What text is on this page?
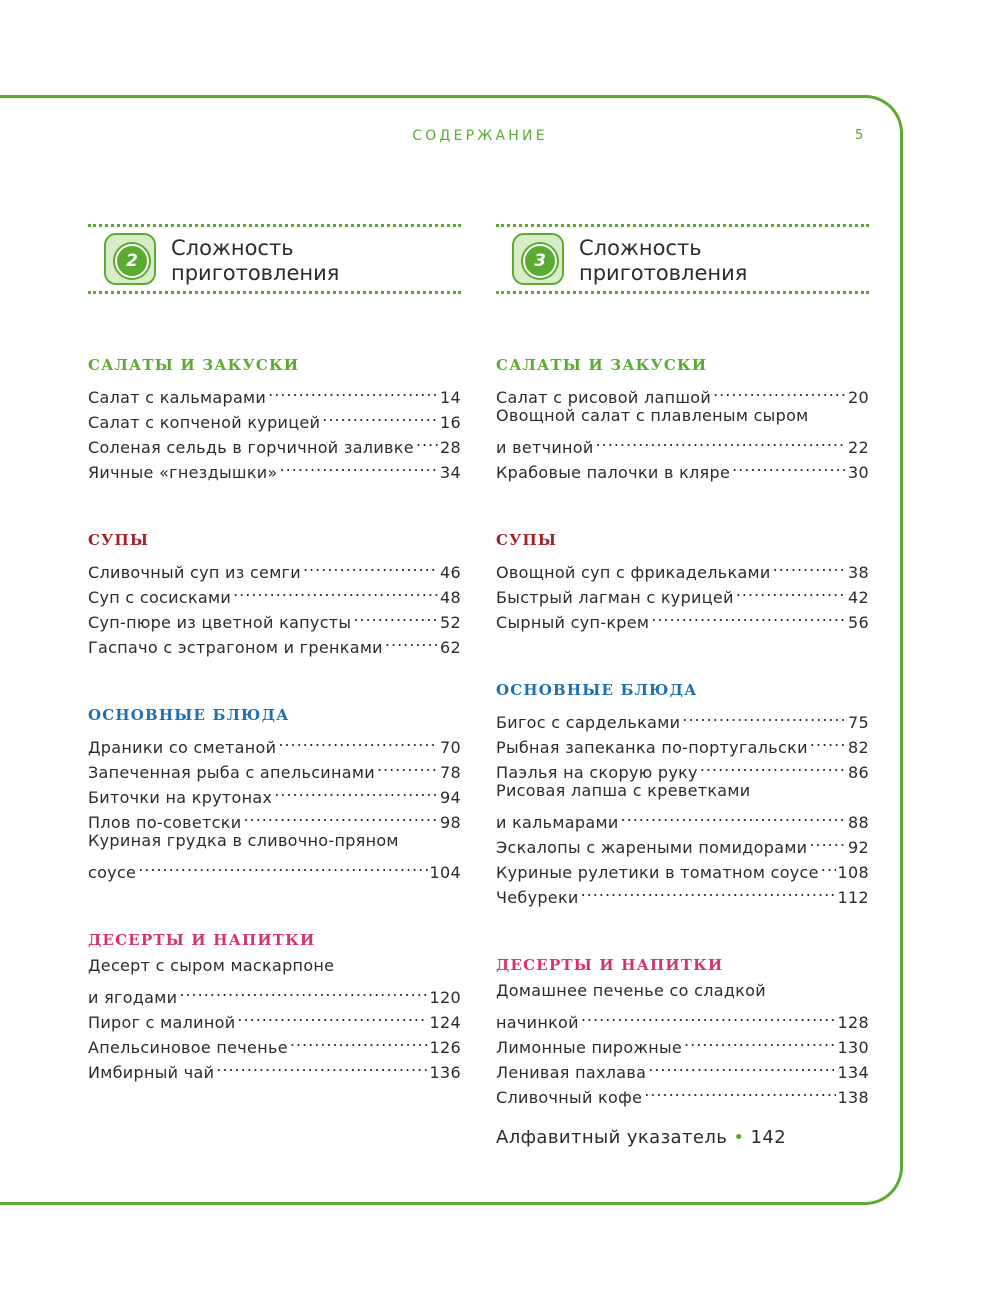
СОДЕРЖАНИЕ	5
2
Сложность
приготовления
САЛАТЫ И ЗАКУСКИ
Салат с кальмарами .....	14
Салат с копченой курицей .....	16
Соленая сельдь в горчичной заливке ..... 28
Яичные «гнездышки» .....	34
СУПЫ
Сливочный суп из семги .....	46
Суп с сосисками .....	48
Суп-пюре из цветной капусты .....	52
Гаспачо с эстрагоном и гренками .....	62
ОСНОВНЫЕ БЛЮДА
Драники со сметаной .....	70
Запеченная рыба с апельсинами .....	78
Биточки на крутонах .....	94
Плов по-советски .....	98
Куриная грудка в сливочно-пряном
соусе .....	104
ДЕСЕРТЫ И НАПИТКИ
Десерт с сыром маскарпоне
и ягодами .....	120
Пирог с малиной .....	124
Апельсиновое печенье .....	126
Имбирный чай .....	136
3
Сложность
приготовления
САЛАТЫ И ЗАКУСКИ
Салат с рисовой лапшой .....	20
Овощной салат с плавленым сыром
и ветчиной .....	22
Крабовые палочки в кляре .....	30
СУПЫ
Овощной суп с фрикадельками .....	38
Быстрый лагман с курицей .....	42
Сырный суп-крем .....	56
ОСНОВНЫЕ БЛЮДА
Бигос с сардельками .....	75
Рыбная запеканка по-португальски .....	82
Паэлья на скорую руку .....	86
Рисовая лапша с креветками
и кальмарами .....	88
Эскалопы с жареными помидорами .....	92
Куриные рулетики в томатном соусе ..... 108
Чебуреки .....	112
ДЕСЕРТЫ И НАПИТКИ
Домашнее печенье со сладкой
начинкой .....	128
Лимонные пирожные .....	130
Ленивая пахлава .....	134
Сливочный кофе .....	138
Алфавитный указатель • 142
